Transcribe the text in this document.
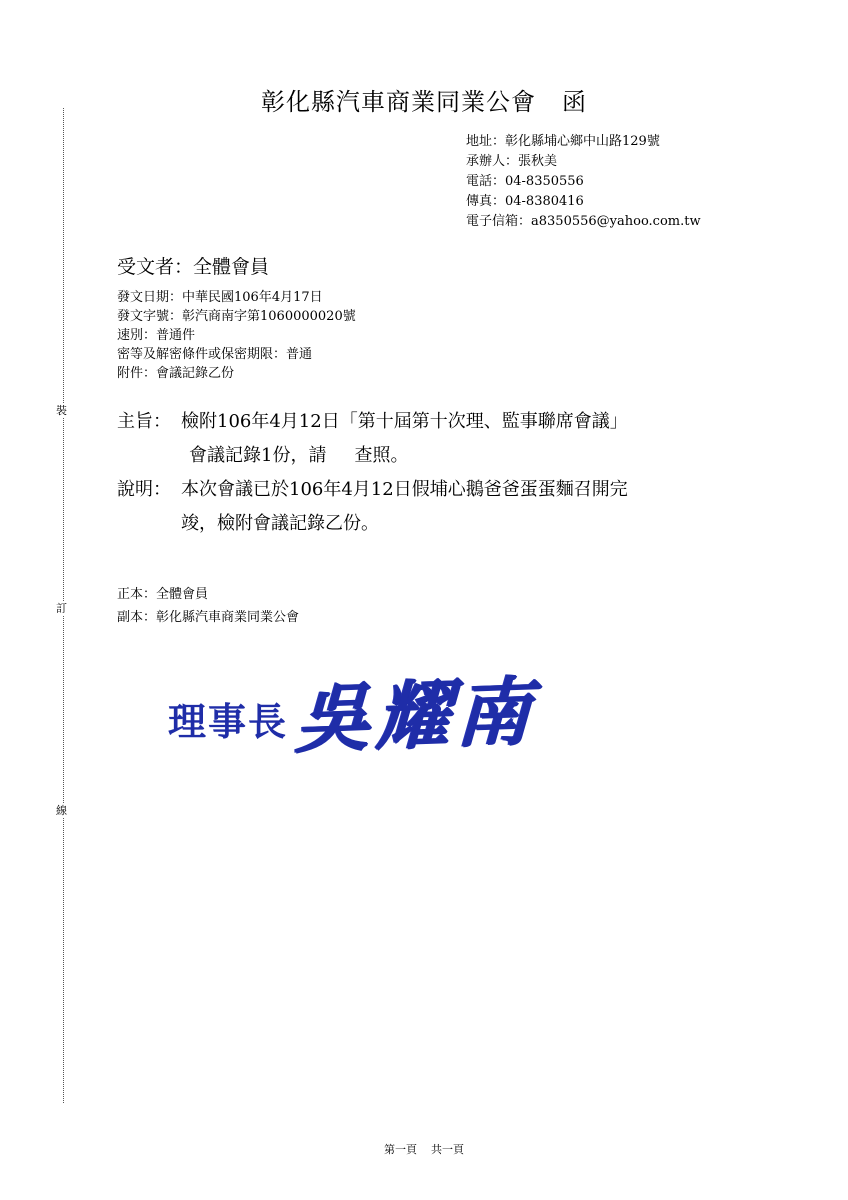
裝
訂
線
彰化縣汽車商業同業公會 函
地址：彰化縣埔心鄉中山路129號
承辦人：張秋美
電話：04-8350556
傳真：04-8380416
電子信箱：a8350556@yahoo.com.tw
受文者：全體會員
發文日期：中華民國106年4月17日
發文字號：彰汽商南字第1060000020號
速別：普通件
密等及解密條件或保密期限：普通
附件：會議記錄乙份
主旨： 檢附106年4月12日「第十屆第十次理、監事聯席會議」
會議記錄1份，請 查照。
說明： 本次會議已於106年4月12日假埔心鵝爸爸蛋蛋麵召開完
竣，檢附會議記錄乙份。
正本：全體會員
副本：彰化縣汽車商業同業公會
理事長 吳耀南
第一頁 共一頁
